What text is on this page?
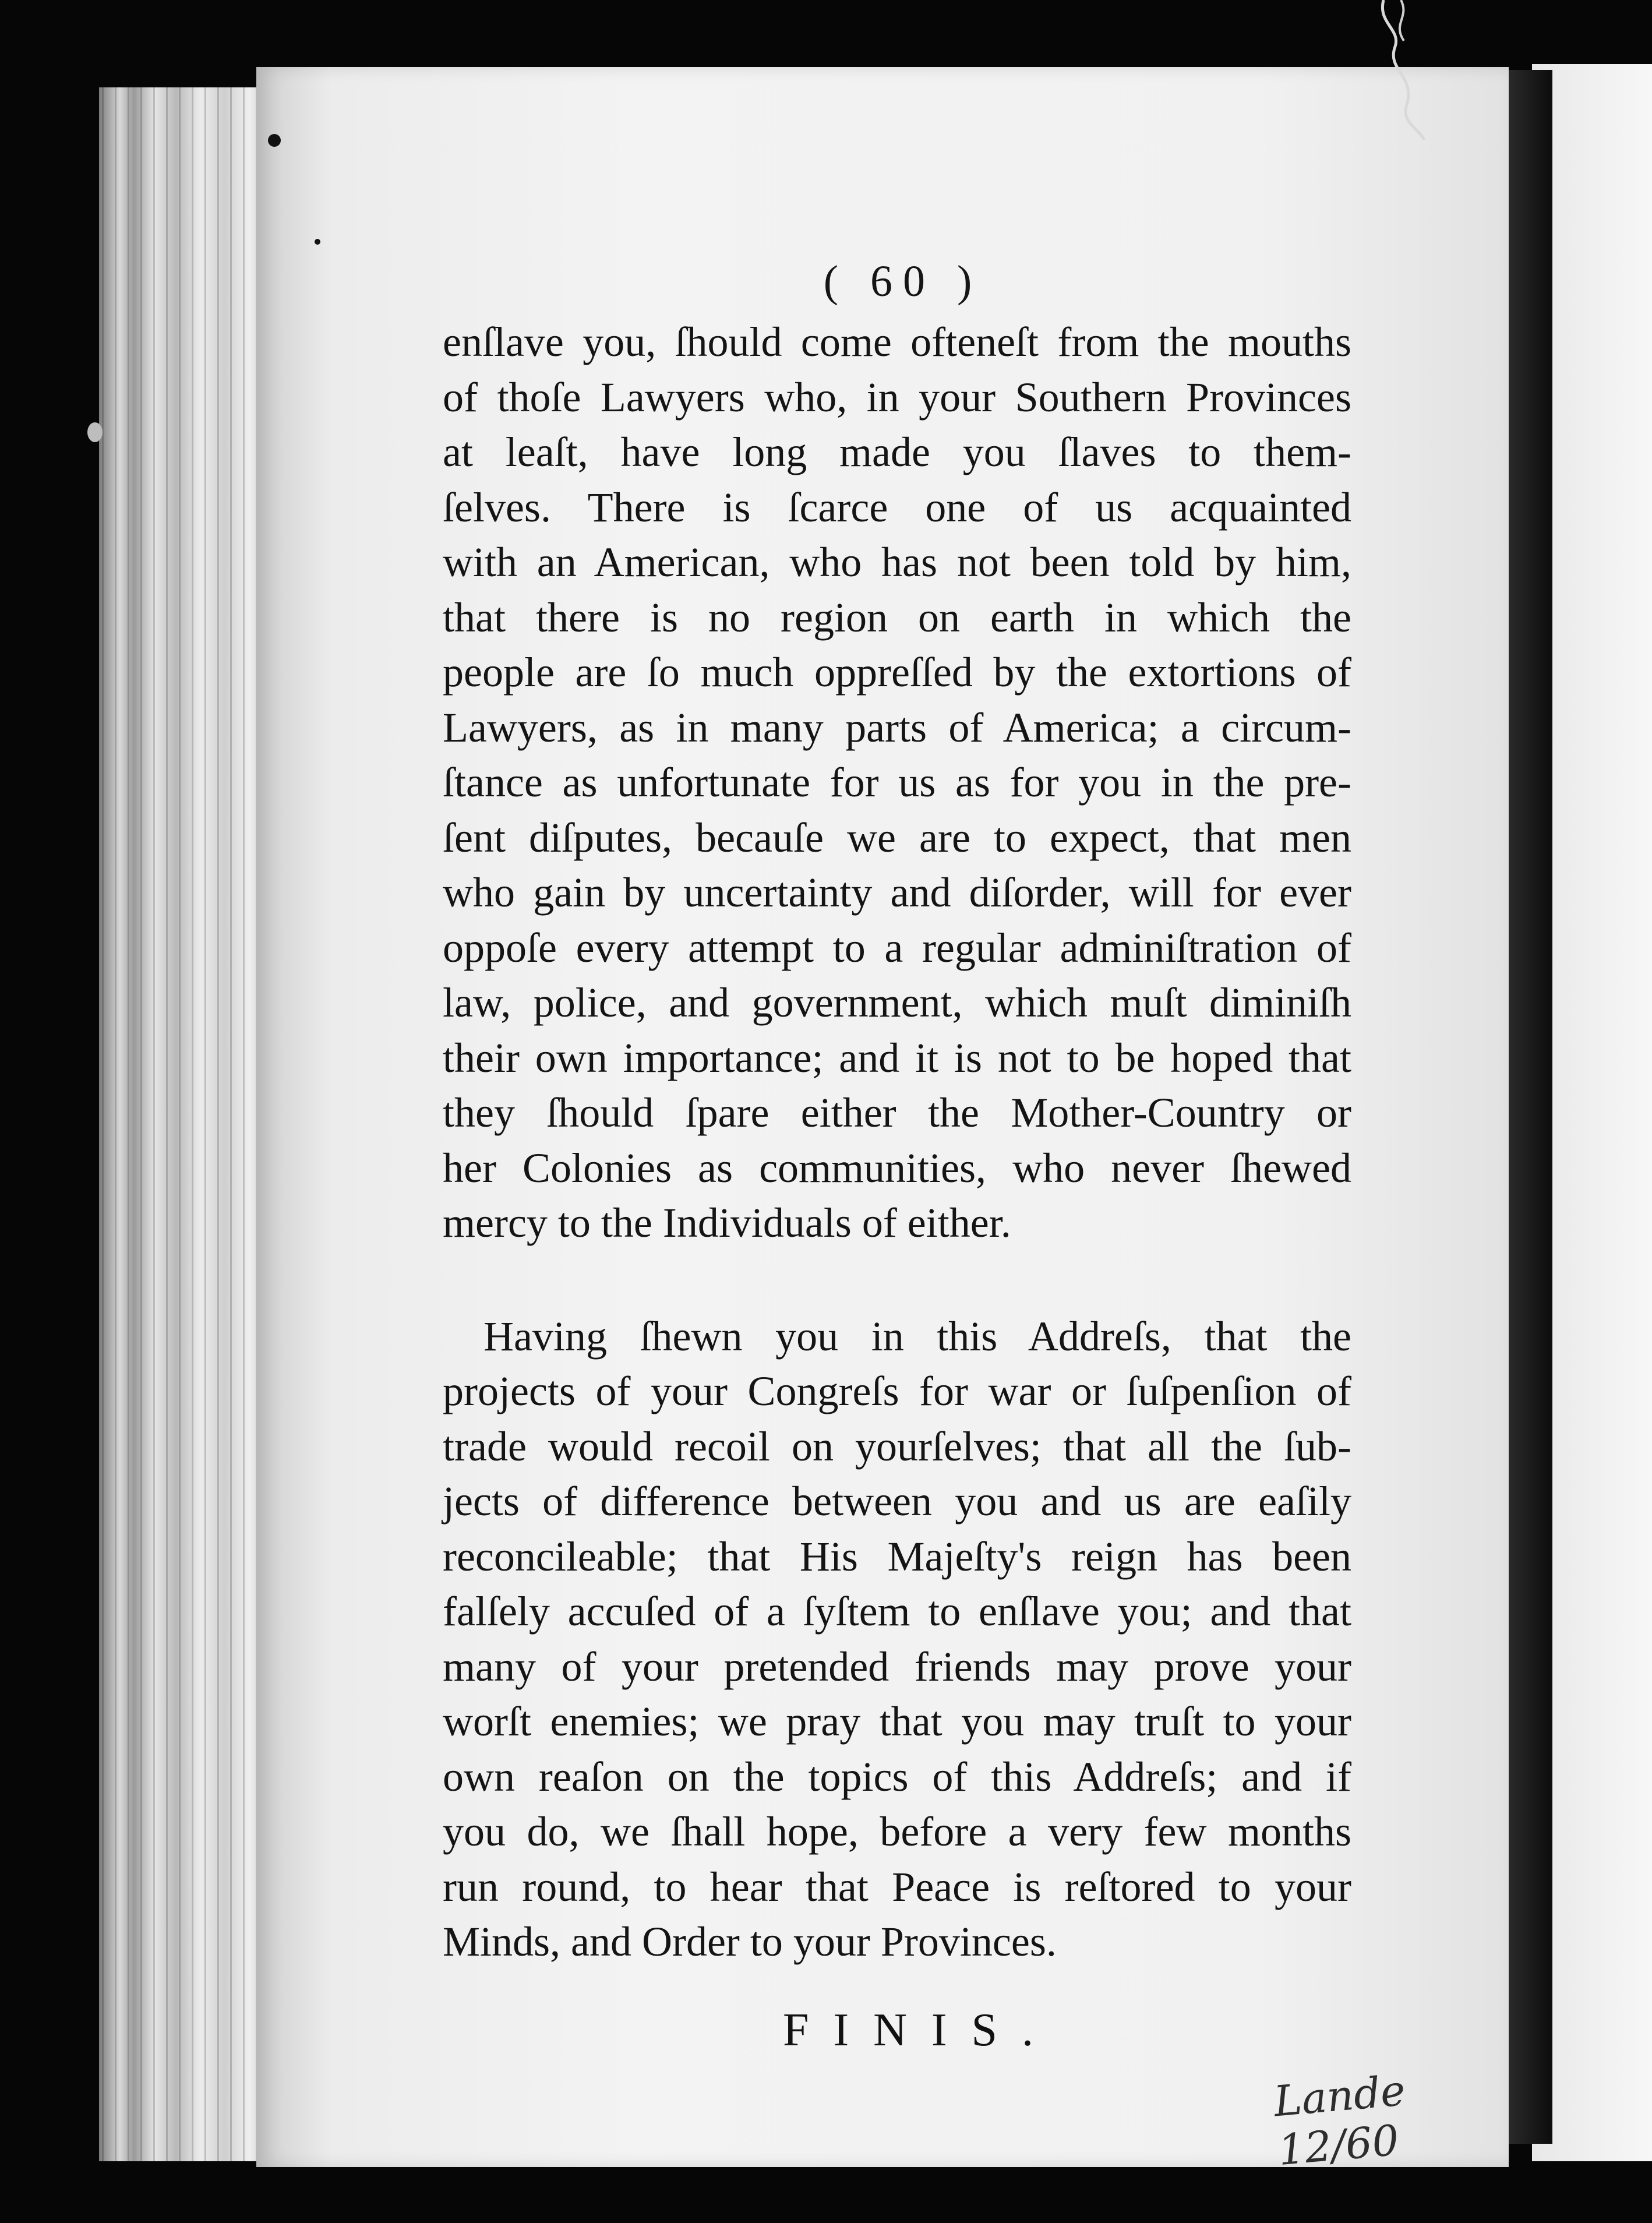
( 60 )
enſlave you, ſhould come ofteneſt from the mouths
of thoſe Lawyers who, in your Southern Provinces
at leaſt, have long made you ſlaves to them-
ſelves. There is ſcarce one of us acquainted
with an American, who has not been told by him,
that there is no region on earth in which the
people are ſo much oppreſſed by the extortions of
Lawyers, as in many parts of America; a circum-
ſtance as unfortunate for us as for you in the pre-
ſent diſputes, becauſe we are to expect, that men
who gain by uncertainty and diſorder, will for ever
oppoſe every attempt to a regular adminiſtration of
law, police, and government, which muſt diminiſh
their own importance; and it is not to be hoped that
they ſhould ſpare either the Mother-Country or
her Colonies as communities, who never ſhewed
mercy to the Individuals of either.
Having ſhewn you in this Addreſs, that the
projects of your Congreſs for war or ſuſpenſion of
trade would recoil on yourſelves; that all the ſub-
jects of difference between you and us are eaſily
reconcileable; that His Majeſty's reign has been
falſely accuſed of a ſyſtem to enſlave you; and that
many of your pretended friends may prove your
worſt enemies; we pray that you may truſt to your
own reaſon on the topics of this Addreſs; and if
you do, we ſhall hope, before a very few months
run round, to hear that Peace is reſtored to your
Minds, and Order to your Provinces.
FINIS.
Lande 12/60
